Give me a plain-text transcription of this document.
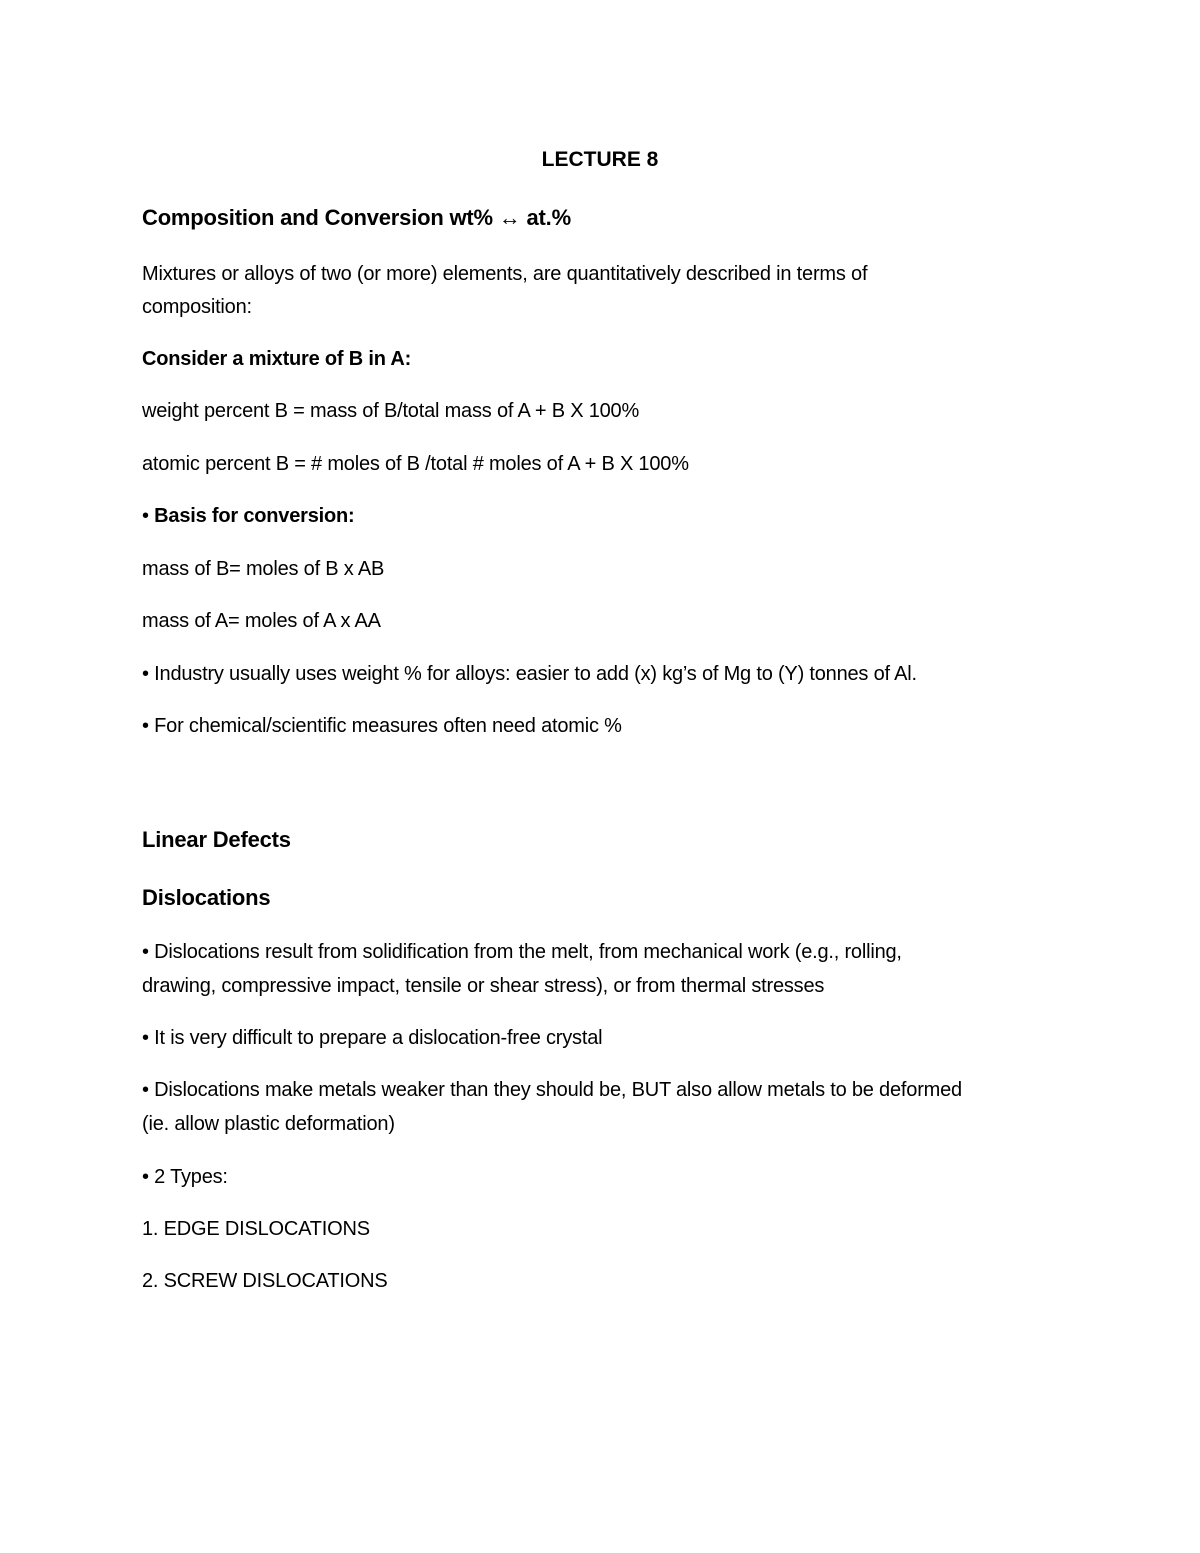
LECTURE 8
Composition and Conversion wt% ↔ at.%
Mixtures or alloys of two (or more) elements, are quantitatively described in terms of
composition:
Consider a mixture of B in A:
weight percent B = mass of B/total mass of A + B X 100%
atomic percent B = # moles of B /total # moles of A + B X 100%
• Basis for conversion:
mass of B= moles of B x AB
mass of A= moles of A x AA
• Industry usually uses weight % for alloys: easier to add (x) kg’s of Mg to (Y) tonnes of Al.
• For chemical/scientific measures often need atomic %
Linear Defects
Dislocations
• Dislocations result from solidification from the melt, from mechanical work (e.g., rolling,
drawing, compressive impact, tensile or shear stress), or from thermal stresses
• It is very difficult to prepare a dislocation-free crystal
• Dislocations make metals weaker than they should be, BUT also allow metals to be deformed
(ie. allow plastic deformation)
• 2 Types:
1. EDGE DISLOCATIONS
2. SCREW DISLOCATIONS
